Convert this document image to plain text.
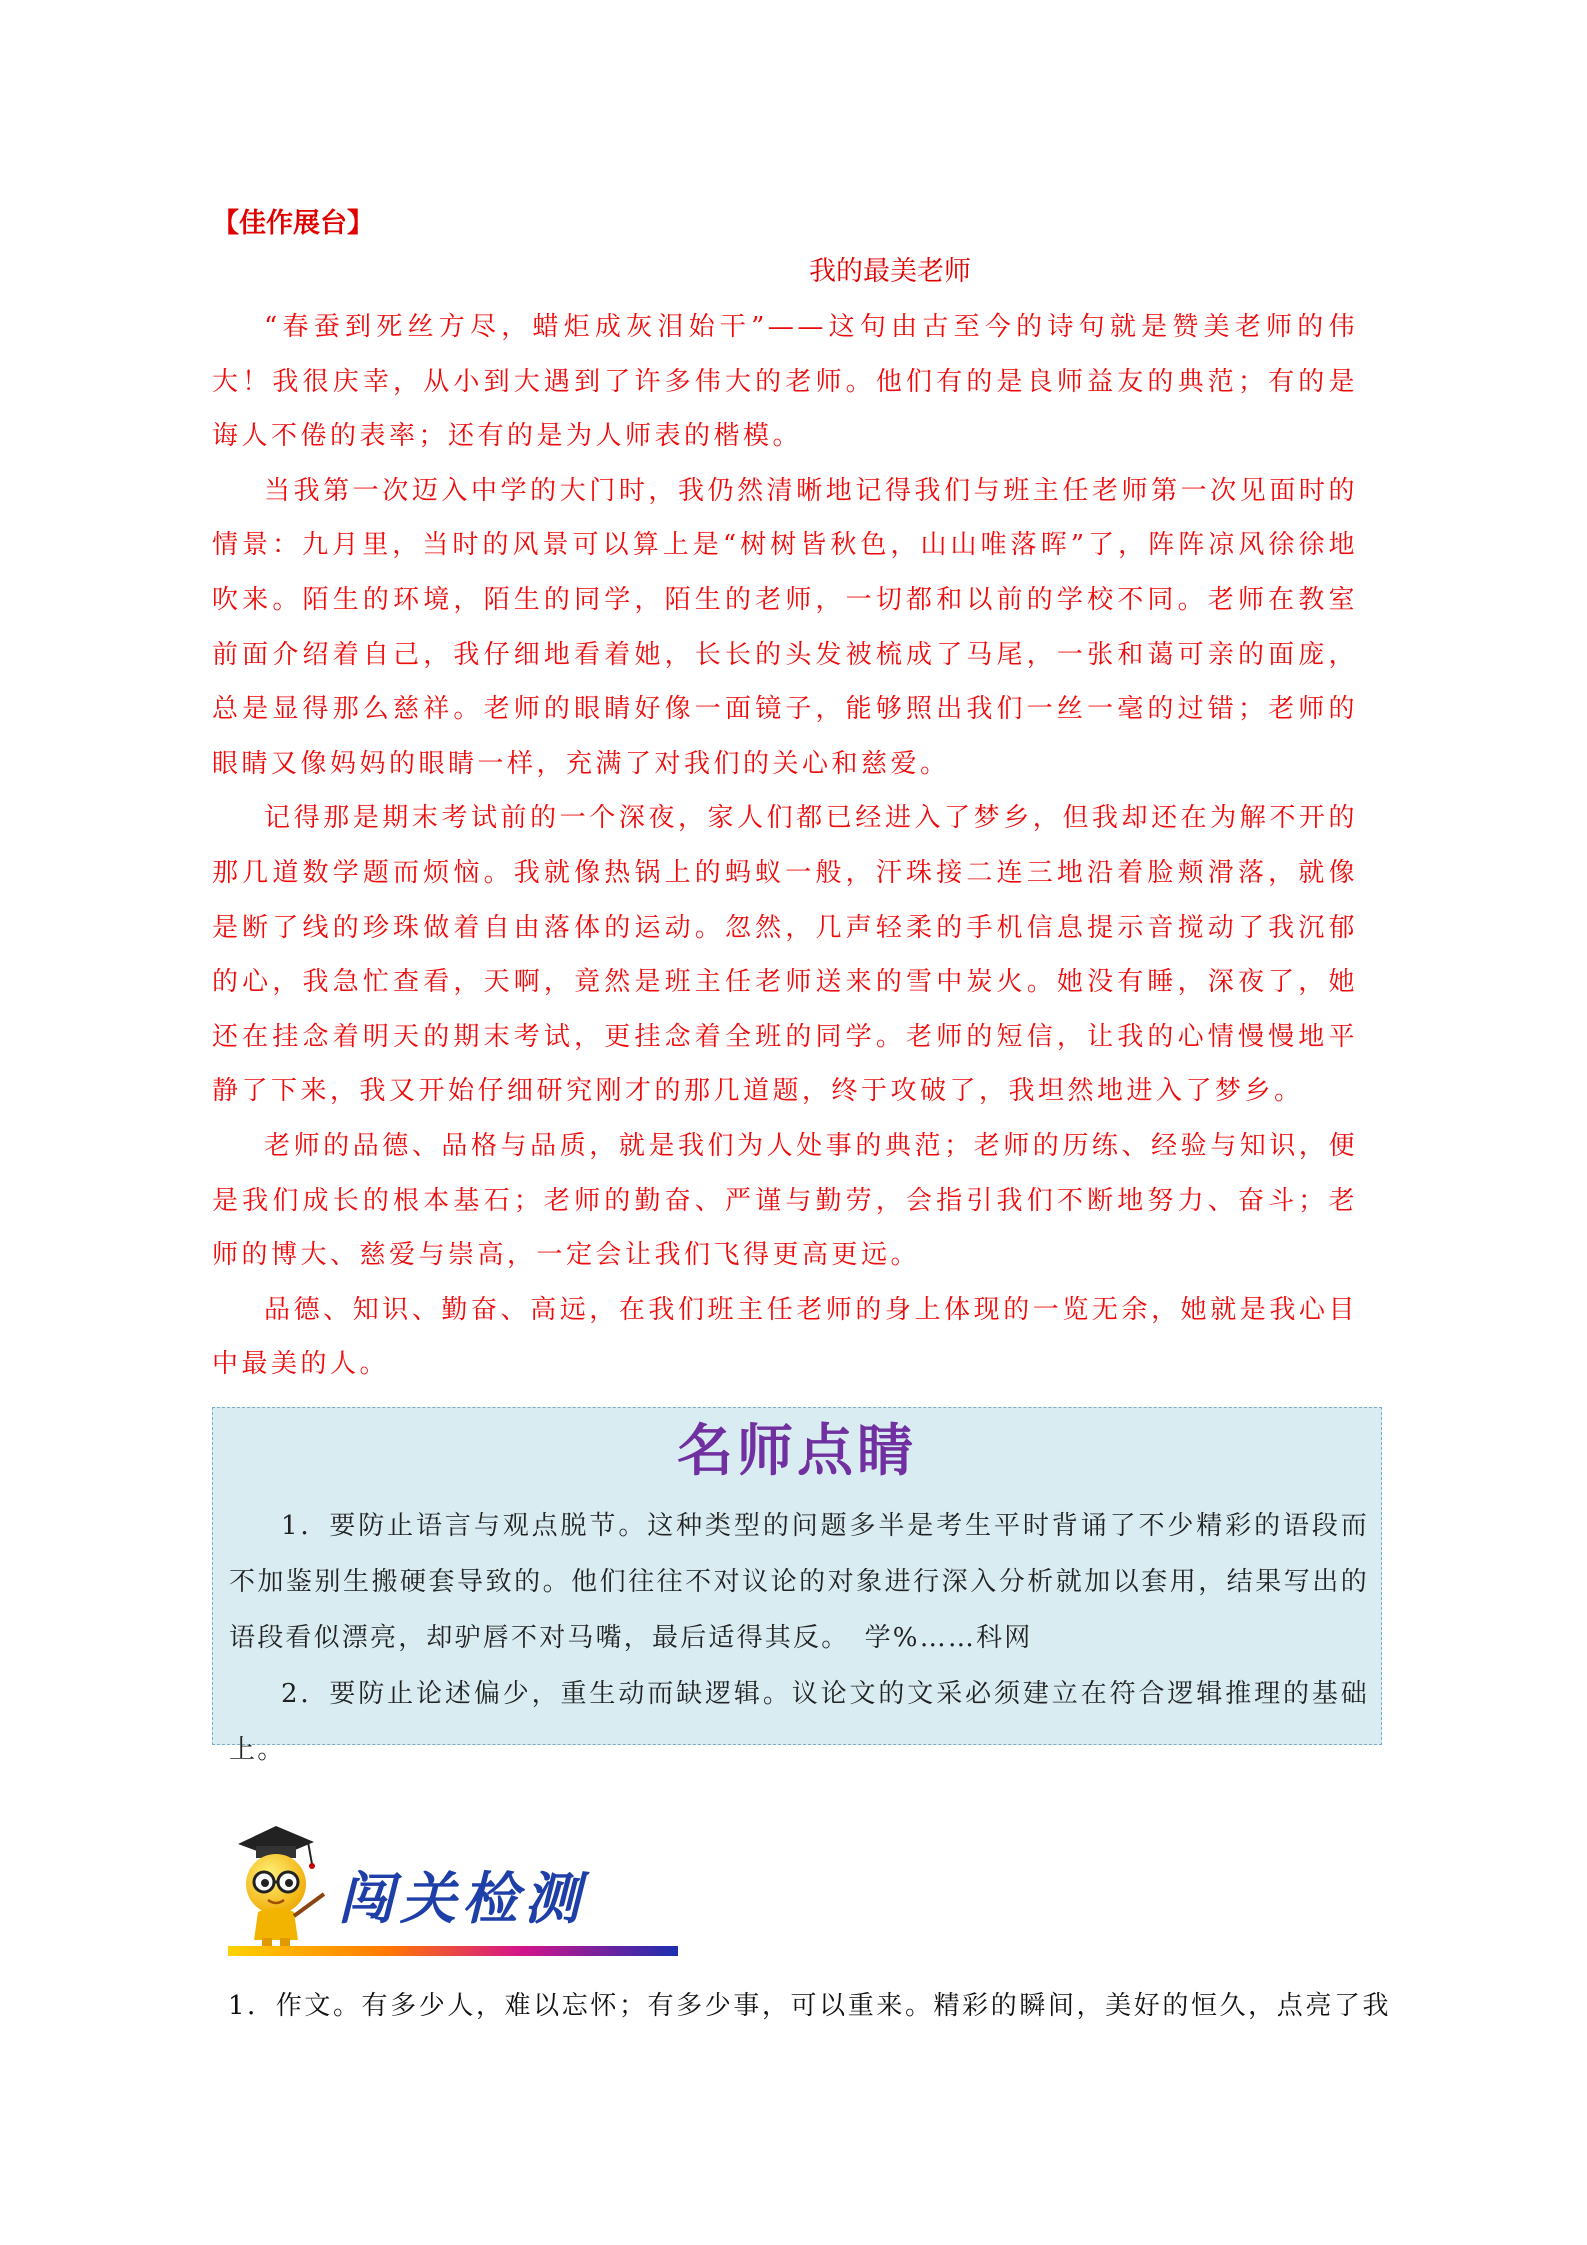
【佳作展台】
我的最美老师

“春蚕到死丝方尽，蜡炬成灰泪始干”——这句由古至今的诗句就是赞美老师的伟大！我很庆幸，从小到大遇到了许多伟大的老师。他们有的是良师益友的典范；有的是诲人不倦的表率；还有的是为人师表的楷模。

当我第一次迈入中学的大门时，我仍然清晰地记得我们与班主任老师第一次见面时的情景：九月里，当时的风景可以算上是“树树皆秋色，山山唯落晖”了，阵阵凉风徐徐地吹来。陌生的环境，陌生的同学，陌生的老师，一切都和以前的学校不同。老师在教室前面介绍着自己，我仔细地看着她，长长的头发被梳成了马尾，一张和蔼可亲的面庞，总是显得那么慈祥。老师的眼睛好像一面镜子，能够照出我们一丝一毫的过错；老师的眼睛又像妈妈的眼睛一样，充满了对我们的关心和慈爱。

记得那是期末考试前的一个深夜，家人们都已经进入了梦乡，但我却还在为解不开的那几道数学题而烦恼。我就像热锅上的蚂蚁一般，汗珠接二连三地沿着脸颊滑落，就像是断了线的珍珠做着自由落体的运动。忽然，几声轻柔的手机信息提示音搅动了我沉郁的心，我急忙查看，天啊，竟然是班主任老师送来的雪中炭火。她没有睡，深夜了，她还在挂念着明天的期末考试，更挂念着全班的同学。老师的短信，让我的心情慢慢地平静了下来，我又开始仔细研究刚才的那几道题，终于攻破了，我坦然地进入了梦乡。

老师的品德、品格与品质，就是我们为人处事的典范；老师的历练、经验与知识，便是我们成长的根本基石；老师的勤奋、严谨与勤劳，会指引我们不断地努力、奋斗；老师的博大、慈爱与崇高，一定会让我们飞得更高更远。

品德、知识、勤奋、高远，在我们班主任老师的身上体现的一览无余，她就是我心目中最美的人。

名师点睛

1．要防止语言与观点脱节。这种类型的问题多半是考生平时背诵了不少精彩的语段而不加鉴别生搬硬套导致的。他们往往不对议论的对象进行深入分析就加以套用，结果写出的语段看似漂亮，却驴唇不对马嘴，最后适得其反。　学%……科网

2．要防止论述偏少，重生动而缺逻辑。议论文的文采必须建立在符合逻辑推理的基础上。

闯关检测
1．作文。有多少人，难以忘怀；有多少事，可以重来。精彩的瞬间，美好的恒久，点亮了我
